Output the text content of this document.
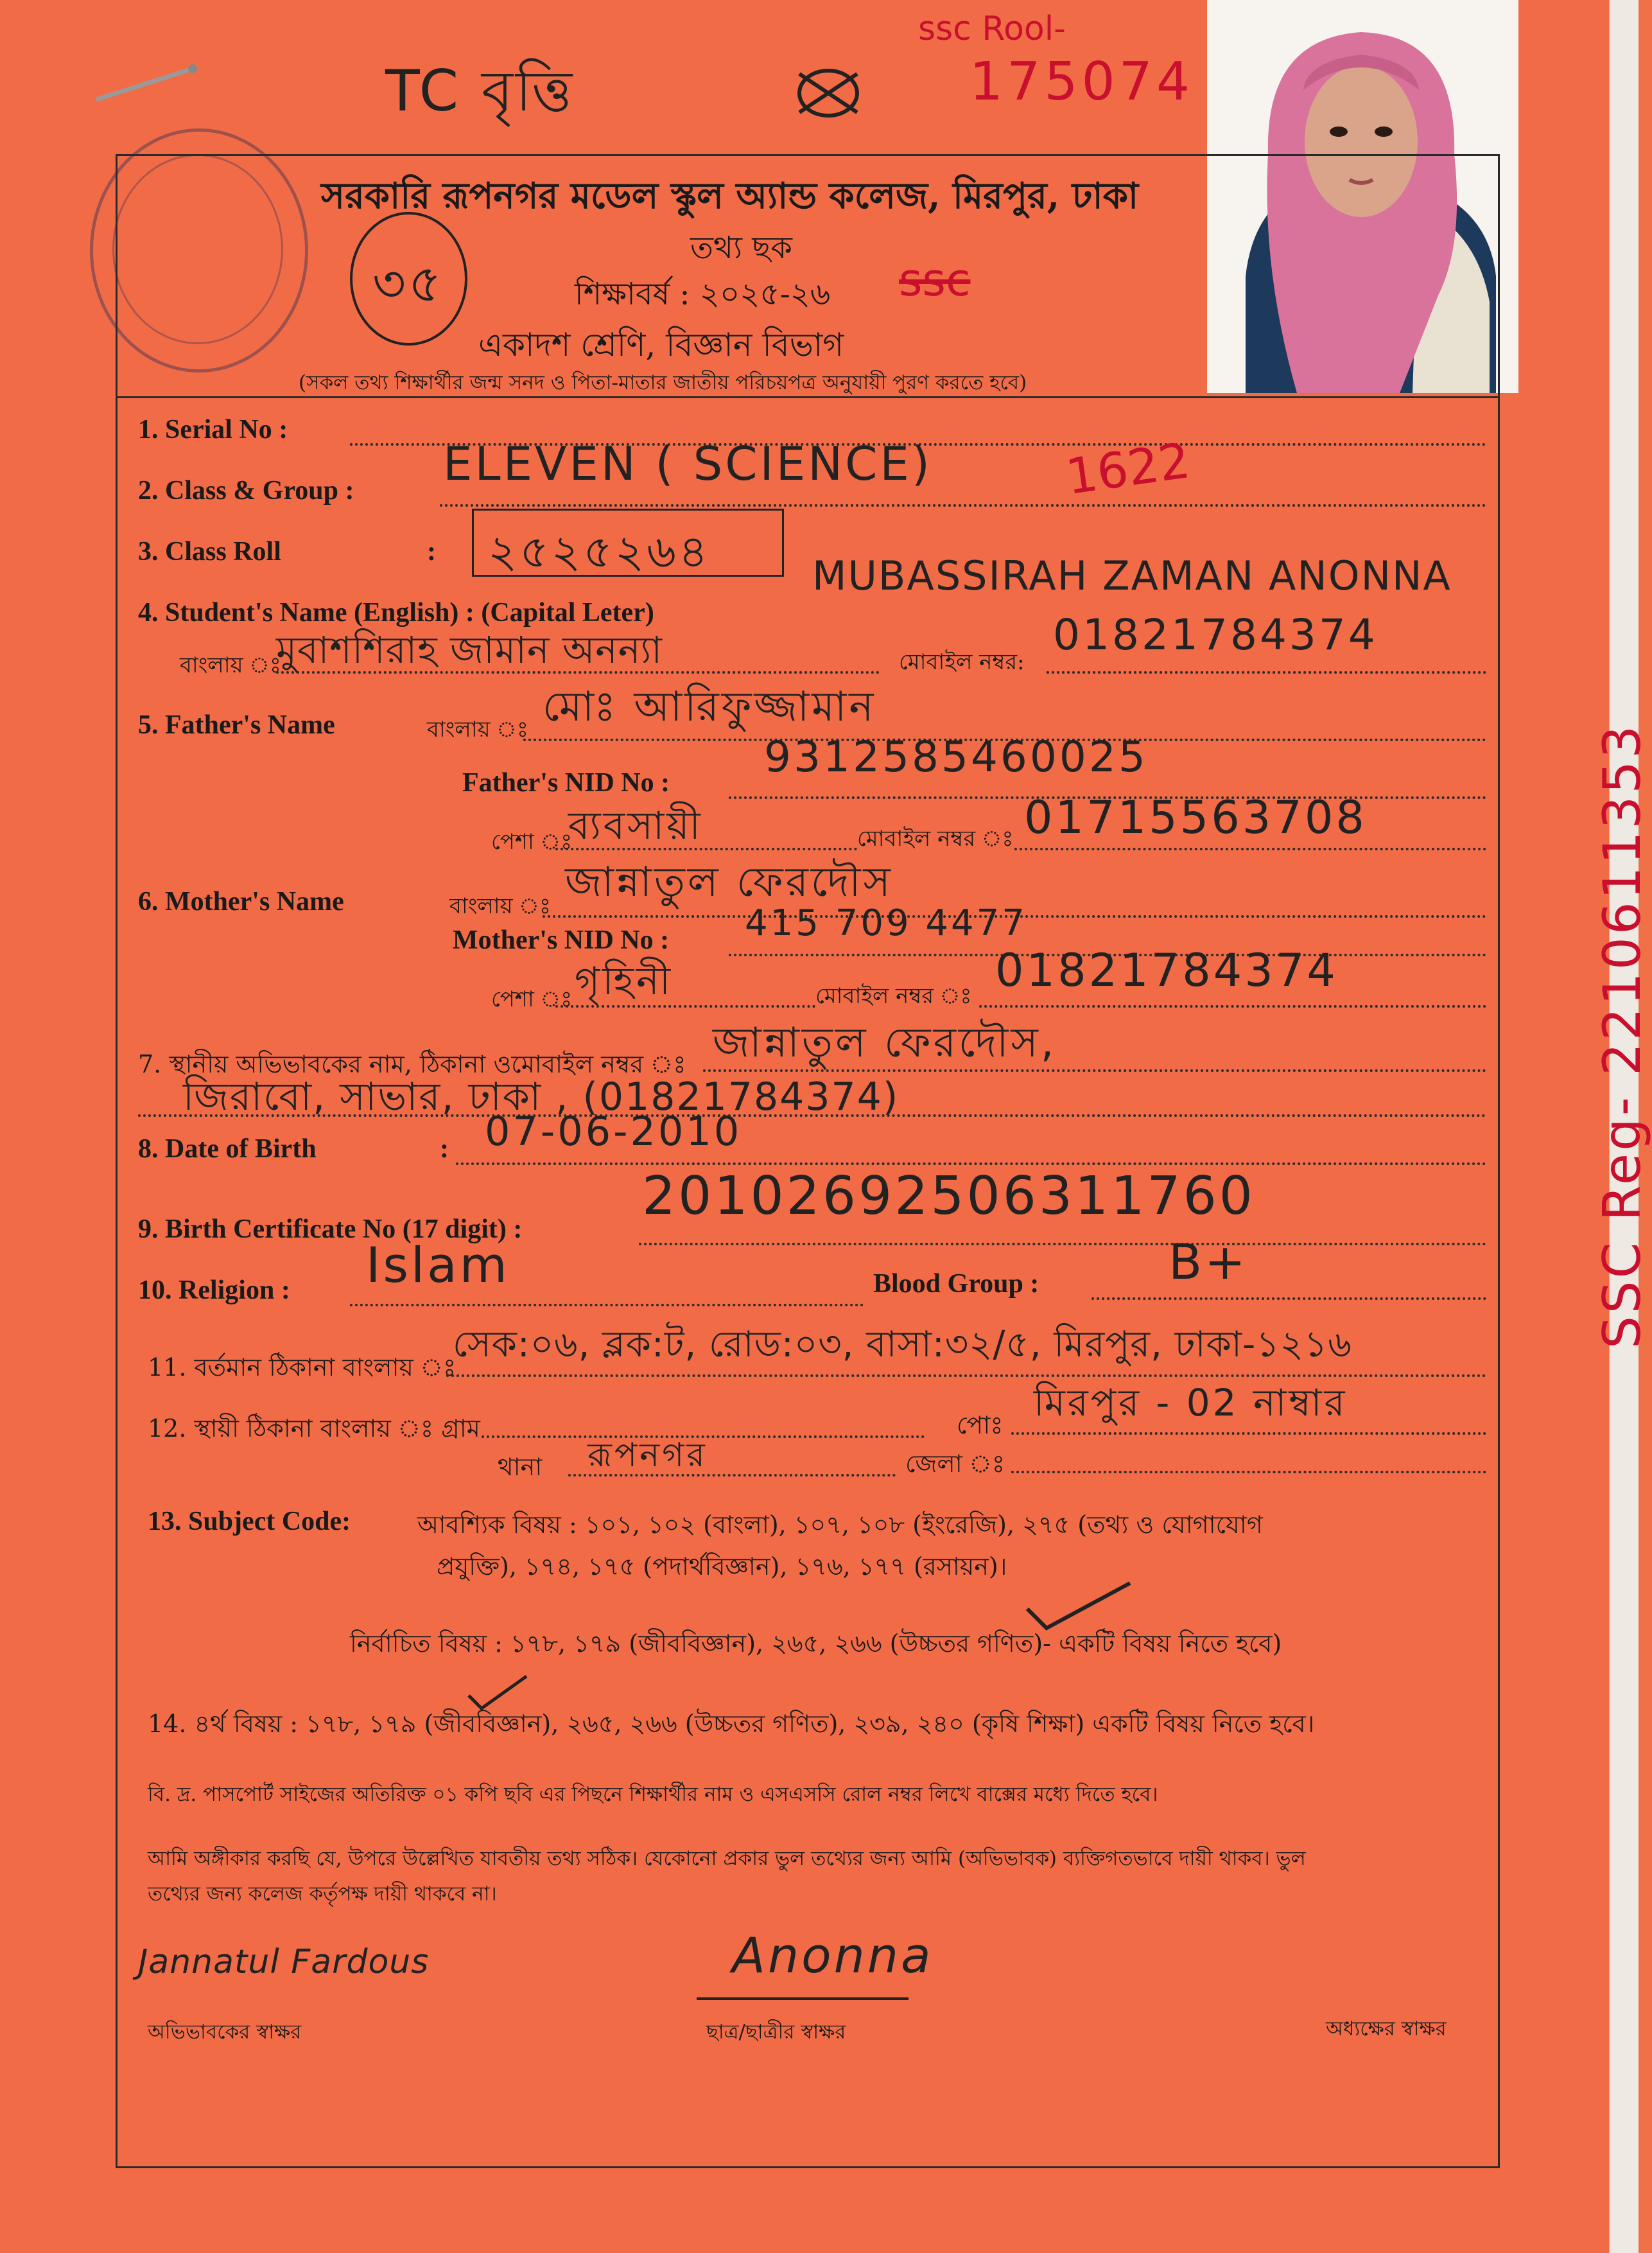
TC বৃত্তি
ssc Rool-
175074
সরকারি রূপনগর মডেল স্কুল অ্যান্ড কলেজ, মিরপুর, ঢাকা
তথ্য ছক
শিক্ষাবর্ষ : ২০২৫-২৬
একাদশ শ্রেণি, বিজ্ঞান বিভাগ
(সকল তথ্য শিক্ষার্থীর জন্ম সনদ ও পিতা-মাতার জাতীয় পরিচয়পত্র অনুযায়ী পুরণ করতে হবে)
৩৫	ssc
1. Serial No :
2. Class & Group : ELEVEN ( SCIENCE)	1622
3. Class Roll	: ২৫২৫২৬৪
SSC Reg- 2210611353
4. Student's Name (English) : (Capital Leter)
MUBASSIRAH ZAMAN ANONNA
বাংলায় ঃ
মুবাশশিরাহ জামান অনন্যা	মোবাইল নম্বর:
01821784374
5. Father's Name	বাংলায় ঃ মোঃ আরিফুজ্জামান
Father's NID No :
9312585460025
পেশা ঃ
ব্যবসায়ী	মোবাইল নম্বর ঃ 01715563708
6. Mother's Name	বাংলায় ঃ জান্নাতুল ফেরদৌস
Mother's NID No : 415 709 4477
পেশা ঃ গৃহিনী	মোবাইল নম্বর ঃ 01821784374
7. স্থানীয় অভিভাবকের নাম, ঠিকানা ওমোবাইল নম্বর ঃ জান্নাতুল ফেরদৌস,
জিরাবো, সাভার, ঢাকা , (01821784374)
8. Date of Birth	: 07-06-2010
9. Birth Certificate No (17 digit) :
20102692506311760
10. Religion : Islam	Blood Group :	B+
11. বর্তমান ঠিকানা বাংলায় ঃ
সেক:০৬, ব্লক:ট, রোড:০৩, বাসা:৩২/৫, মিরপুর, ঢাকা-১২১৬
12. স্থায়ী ঠিকানা বাংলায় ঃ গ্রাম	পোঃ
মিরপুর - 02 নাম্বার
থানা রূপনগর	জেলা ঃ
13. Subject Code:	আবশ্যিক বিষয় : ১০১, ১০২ (বাংলা), ১০৭, ১০৮ (ইংরেজি), ২৭৫ (তথ্য ও যোগাযোগ
প্রযুক্তি), ১৭৪, ১৭৫ (পদার্থবিজ্ঞান), ১৭৬, ১৭৭ (রসায়ন)।
নির্বাচিত বিষয় : ১৭৮, ১৭৯ (জীববিজ্ঞান), ২৬৫, ২৬৬ (উচ্চতর গণিত)- একটি বিষয় নিতে হবে)
14. ৪র্থ বিষয় : ১৭৮, ১৭৯ (জীববিজ্ঞান), ২৬৫, ২৬৬ (উচ্চতর গণিত), ২৩৯, ২৪০ (কৃষি শিক্ষা) একটি বিষয় নিতে হবে।
বি. দ্র. পাসপোর্ট সাইজের অতিরিক্ত ০১ কপি ছবি এর পিছনে শিক্ষার্থীর নাম ও এসএসসি রোল নম্বর লিখে বাক্সের মধ্যে দিতে হবে।
আমি অঙ্গীকার করছি যে, উপরে উল্লেখিত যাবতীয় তথ্য সঠিক। যেকোনো প্রকার ভুল তথ্যের জন্য আমি (অভিভাবক) ব্যক্তিগতভাবে দায়ী থাকব। ভুল
তথ্যের জন্য কলেজ কর্তৃপক্ষ দায়ী থাকবে না।
Jannatul Fardous
অভিভাবকের স্বাক্ষর
Anonna
ছাত্র/ছাত্রীর স্বাক্ষর	অধ্যক্ষের স্বাক্ষর
